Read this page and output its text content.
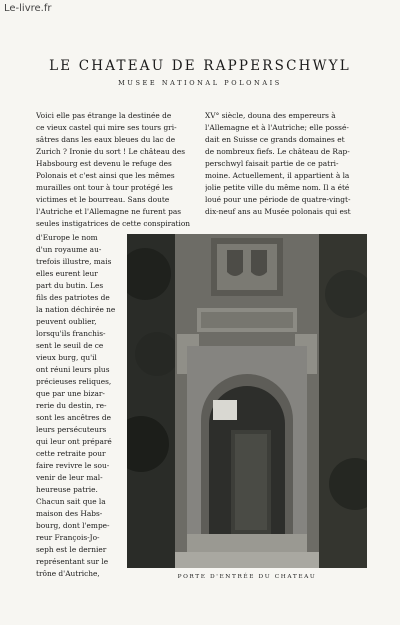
Le-livre.fr
LE CHATEAU DE RAPPERSCHWYL
MUSEE NATIONAL POLONAIS

Voici elle pas étrange la destinée de
ce vieux castel qui mire ses tours gri-
sâtres dans les eaux bleues du lac de
Zurich ? Ironie du sort ! Le château des
Habsbourg est devenu le refuge des
Polonais et c'est ainsi que les mêmes
murailles ont tour à tour protégé les
victimes et le bourreau. Sans doute
l'Autriche et l'Allemagne ne furent pas
seules instigatrices de cette conspiration

XV° siècle, douna des empereurs à
l'Allemagne et à l'Autriche; elle possé-
dait en Suisse ce grands domaines et
de nombreux fiefs. Le château de Rap-
perschwyl faisait partie de ce patri-
moine. Actuellement, il appartient à la
jolie petite ville du même nom. Il a été
loué pour une période de quatre-vingt-
dix-neuf ans au Musée polonais qui est

d'Europe le nom
d'un royaume au-
trefois illustre, mais
elles eurent leur
part du butin. Les
fils des patriotes de
la nation déchirée ne
peuvent oublier,
lorsqu'ils franchis-
sent le seuil de ce
vieux burg, qu'il
ont réuni leurs plus
précieuses reliques,
que par une bizar-
rerie du destin, re-
sont les ancêtres de
leurs persécuteurs
qui leur ont préparé
cette retraite pour
faire revivre le sou-
venir de leur mal-
heureuse patrie.
Chacun sait que la
maison des Habs-
bourg, dont l'empe-
reur François-Jo-
seph est le dernier
représentant sur le
trône d'Autriche,	PORTE D'ENTRÉE DU CHATEAU
